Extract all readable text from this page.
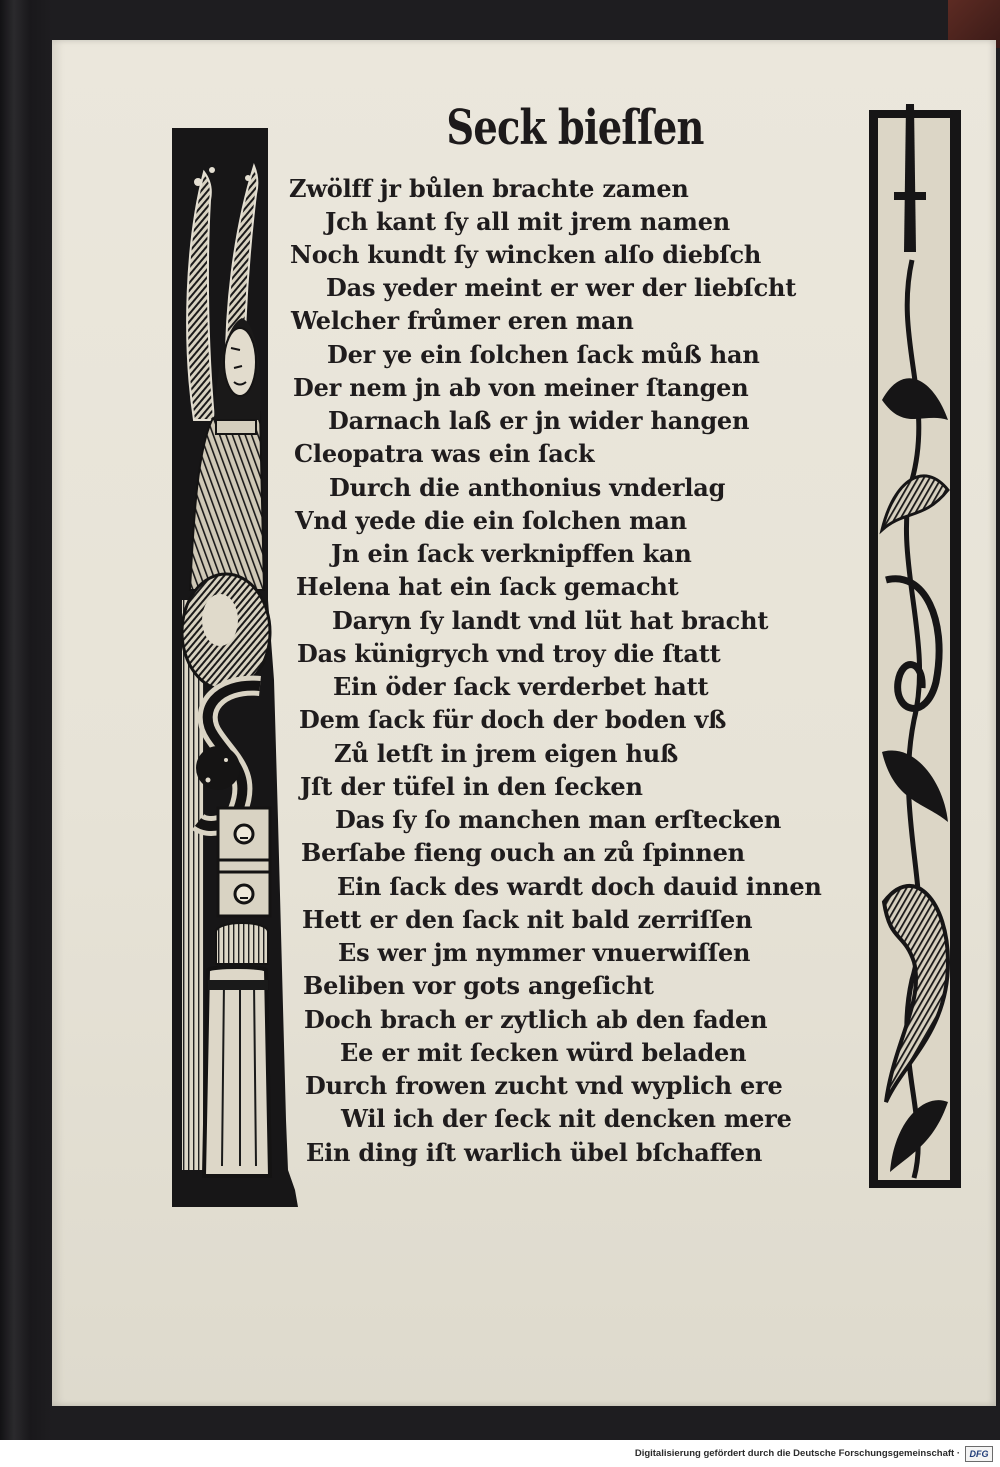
Seck bieſſen
Zwölff jr bůlen brachte zamen
Jch kant ſy all mit jrem namen
Noch kundt ſy wincken alſo diebſch
Das yeder meint er wer der liebſcht
Welcher frůmer eren man
Der ye ein ſolchen ſack můß han
Der nem jn ab von meiner ſtangen
Darnach laß er jn wider hangen
Cleopatra was ein ſack
Durch die anthonius vnderlag
Vnd yede die ein ſolchen man
Jn ein ſack verknipffen kan
Helena hat ein ſack gemacht
Daryn ſy landt vnd lüt hat bracht
Das künigrych vnd troy die ſtatt
Ein öder ſack verderbet hatt
Dem ſack für doch der boden vß
Zů letſt in jrem eigen huß
Jſt der tüfel in den ſecken
Das ſy ſo manchen man erſtecken
Berſabe fieng ouch an zů ſpinnen
Ein ſack des wardt doch dauid innen
Hett er den ſack nit bald zerriſſen
Es wer jm nymmer vnuerwiſſen
Beliben vor gots angeſicht
Doch brach er zytlich ab den faden
Ee er mit ſecken würd beladen
Durch frowen zucht vnd wyplich ere
Wil ich der ſeck nit dencken mere
Ein ding iſt warlich übel bſchaffen
Digitalisierung gefördert durch die Deutsche Forschungsgemeinschaft ·	DFG
